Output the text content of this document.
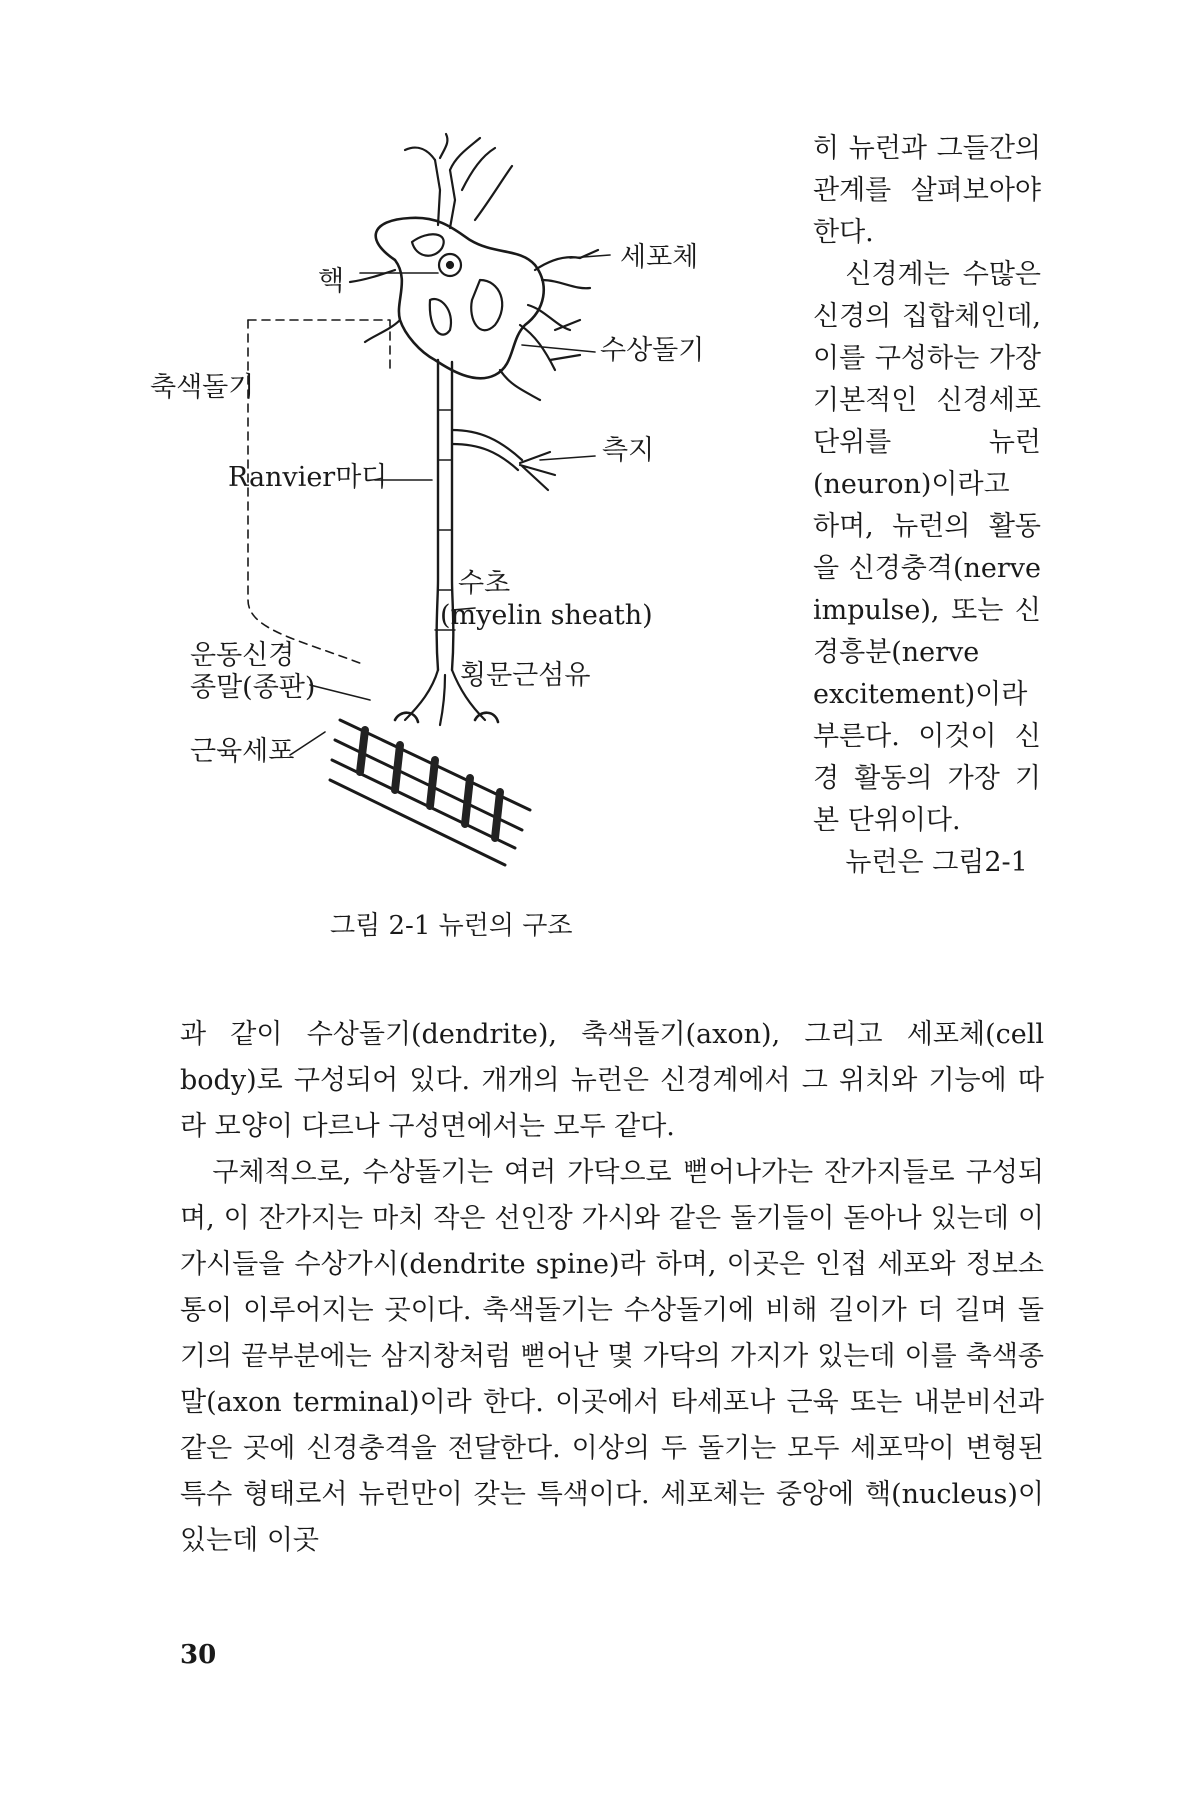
핵
세포체
수상돌기
축색돌기
Ranvier마디
측지
수초
(myelin sheath)
운동신경
종말(종판)	횡문근섬유
근육세포
그림 2-1 뉴런의 구조

히 뉴런과 그들간의 관계를 살펴보아야 한다.

신경계는 수많은 신경의 집합체인데, 이를 구성하는 가장 기본적인 신경세포 단위를 뉴런(neuron)이라고 하며, 뉴런의 활동을 신경충격(nerve impulse), 또는 신경흥분(nerve excitement)이라 부른다. 이것이 신경 활동의 가장 기본 단위이다.

뉴런은 그림2-1

과 같이 수상돌기(dendrite), 축색돌기(axon), 그리고 세포체(cell body)로 구성되어 있다. 개개의 뉴런은 신경계에서 그 위치와 기능에 따라 모양이 다르나 구성면에서는 모두 같다.

구체적으로, 수상돌기는 여러 가닥으로 뻗어나가는 잔가지들로 구성되며, 이 잔가지는 마치 작은 선인장 가시와 같은 돌기들이 돋아나 있는데 이 가시들을 수상가시(dendrite spine)라 하며, 이곳은 인접 세포와 정보소통이 이루어지는 곳이다. 축색돌기는 수상돌기에 비해 길이가 더 길며 돌기의 끝부분에는 삼지창처럼 뻗어난 몇 가닥의 가지가 있는데 이를 축색종말(axon terminal)이라 한다. 이곳에서 타세포나 근육 또는 내분비선과 같은 곳에 신경충격을 전달한다. 이상의 두 돌기는 모두 세포막이 변형된 특수 형태로서 뉴런만이 갖는 특색이다. 세포체는 중앙에 핵(nucleus)이 있는데 이곳

30
